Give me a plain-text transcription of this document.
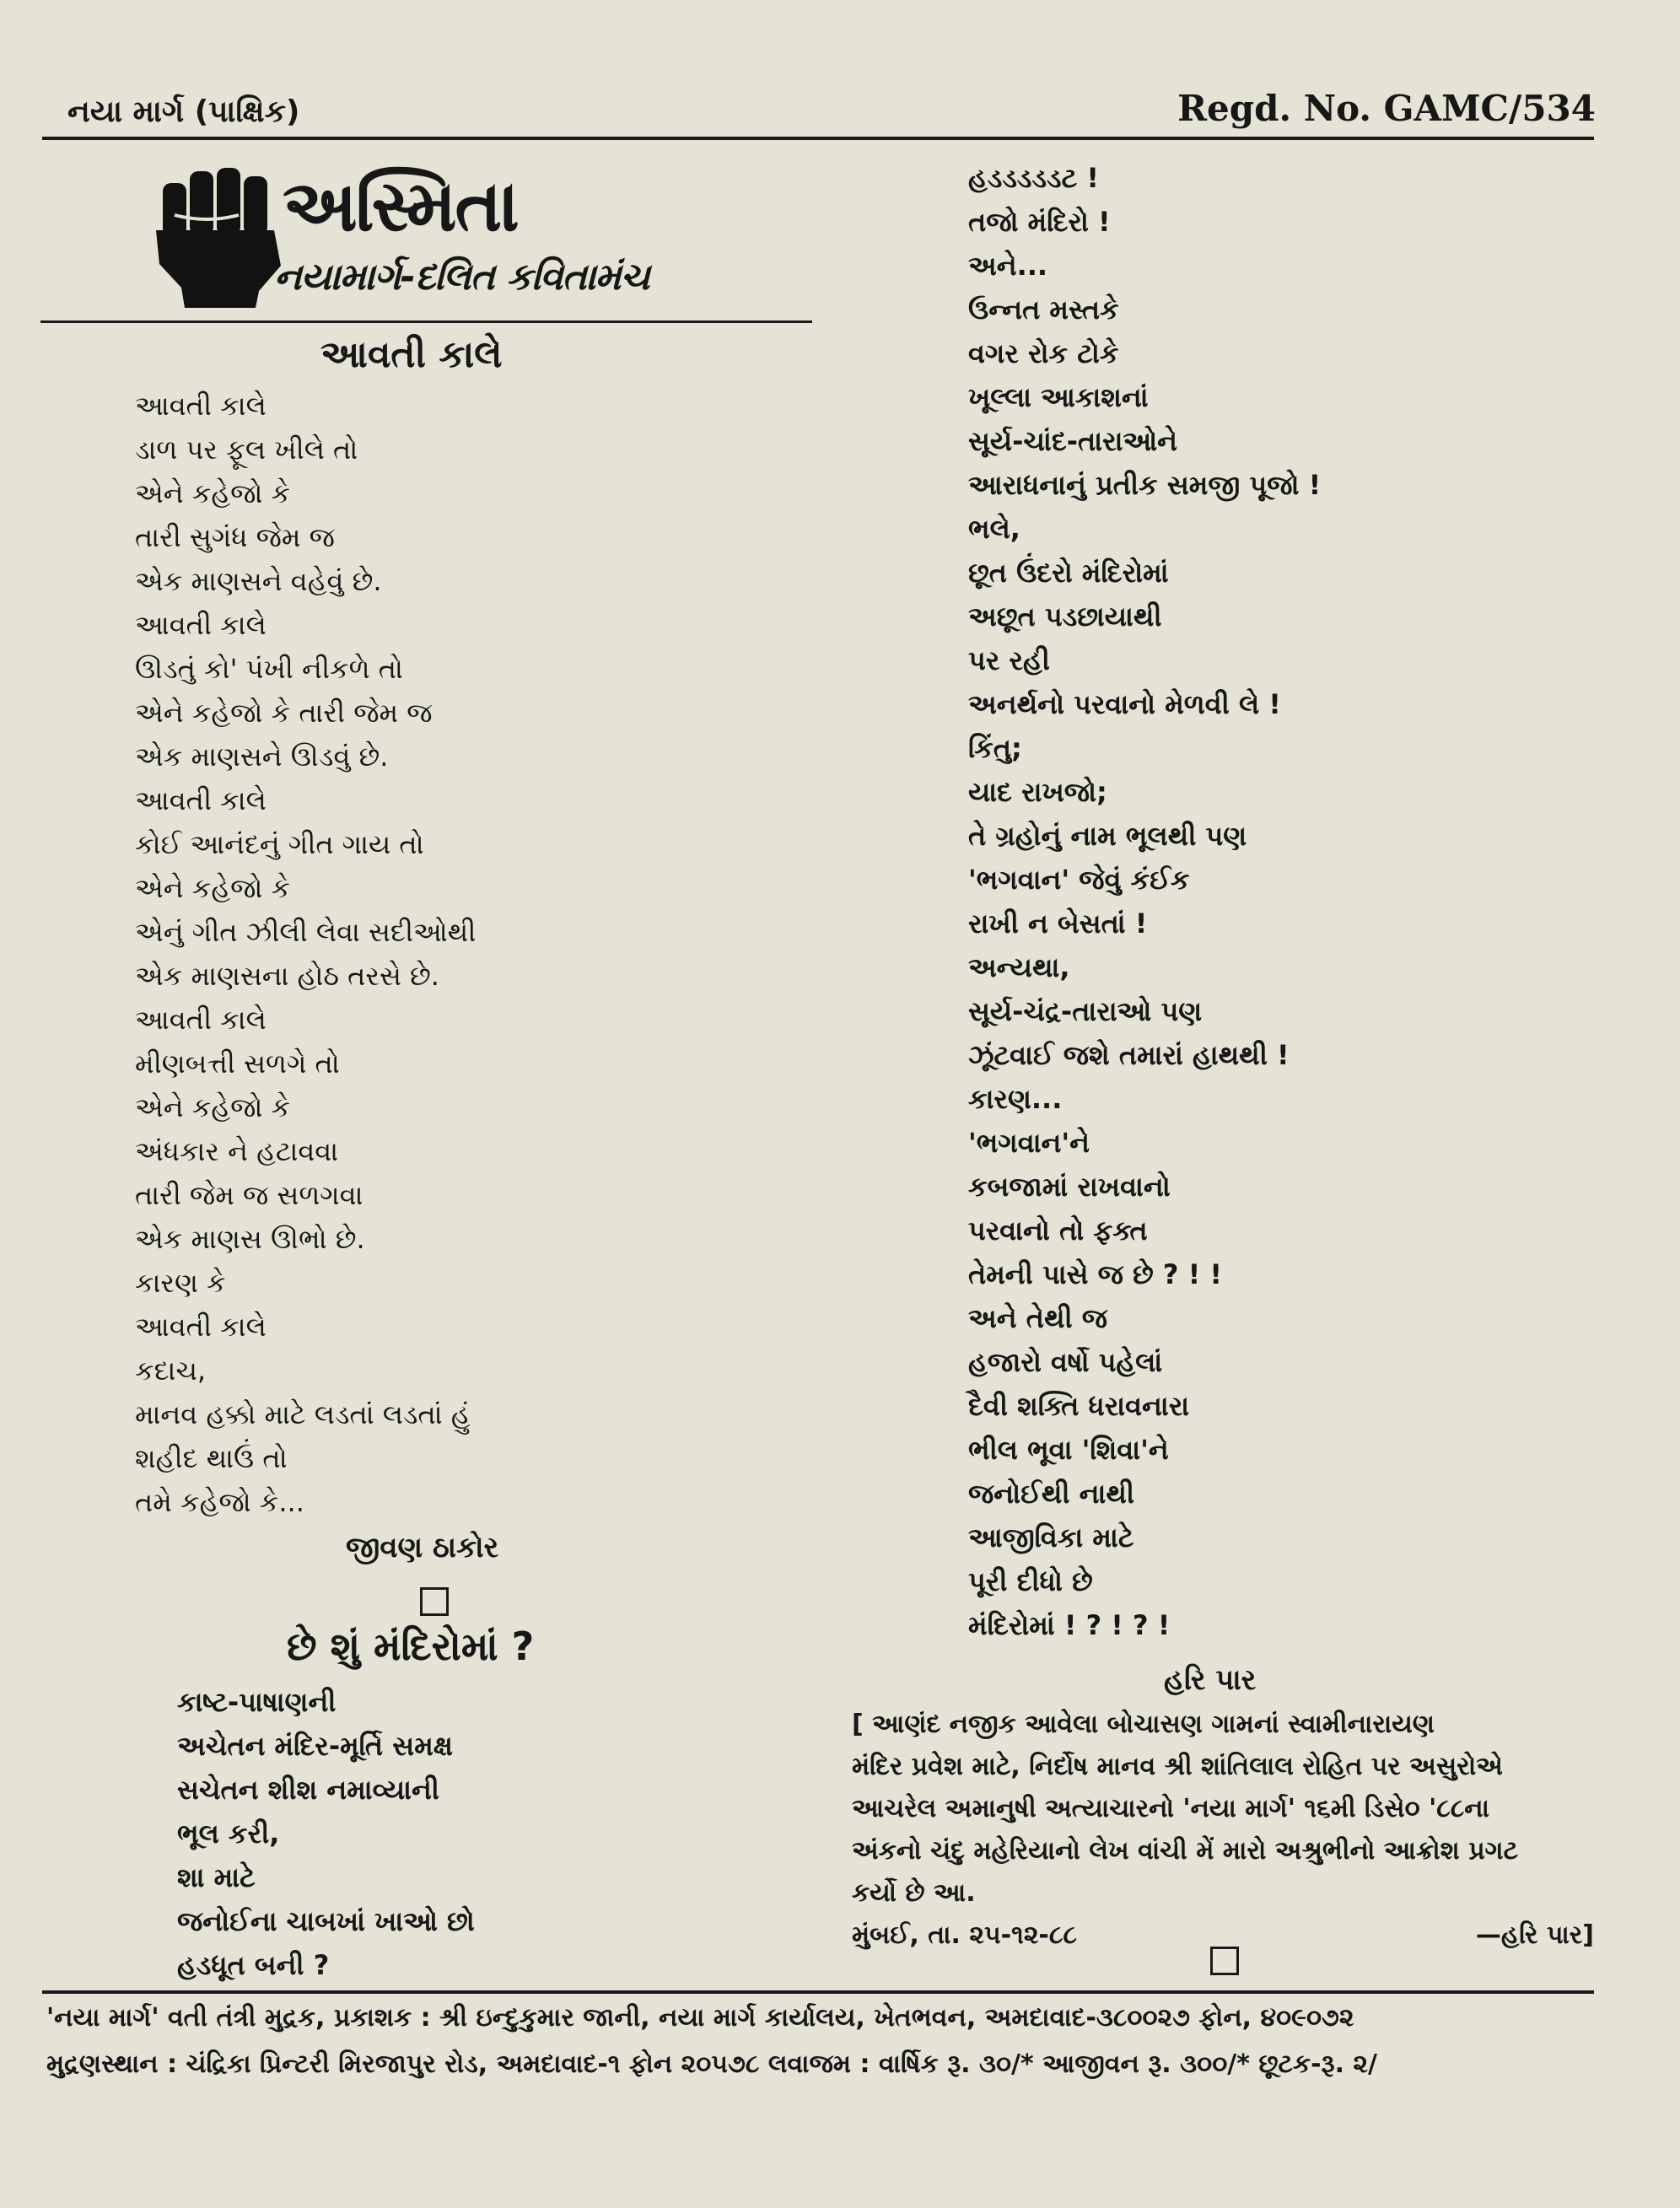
નયા માર્ગ (પાક્ષિક)	Regd. No. GAMC/534
અસ્મિતા
નયામાર્ગ-દલિત કવિતામંચ
આવતી કાલે
આવતી કાલે
ડાળ પર ફૂલ ખીલે તો
એને કહેજો કે
તારી સુગંધ જેમ જ
એક માણસને વહેવું છે.
આવતી કાલે
ઊડતું કો' પંખી નીકળે તો
એને કહેજો કે તારી જેમ જ
એક માણસને ઊડવું છે.
આવતી કાલે
કોઈ આનંદનું ગીત ગાય તો
એને કહેજો કે
એનું ગીત ઝીલી લેવા સદીઓથી
એક માણસના હોઠ તરસે છે.
આવતી કાલે
મીણબત્તી સળગે તો
એને કહેજો કે
અંધકાર ને હટાવવા
તારી જેમ જ સળગવા
એક માણસ ઊભો છે.
કારણ કે
આવતી કાલે
કદાચ,
માનવ હક્કો માટે લડતાં લડતાં હું
શહીદ થાઉં તો
તમે કહેજો કે...
જીવણ ઠાકોર
છે શું મંદિરોમાં ?
કાષ્ટ-પાષાણની
અચેતન મંદિર-મૂર્તિ સમક્ષ
સચેતન શીશ નમાવ્યાની
ભૂલ કરી,
શા માટે
જનોઈના ચાબખાં ખાઓ છો
હડધૂત બની ?
હડડડડડટ !
તજો મંદિરો !
અને...
ઉન્નત મસ્તકે
વગર રોક ટોકે
ખૂલ્લા આકાશનાં
સૂર્ય-ચાંદ-તારાઓને
આરાધનાનું પ્રતીક સમજી પૂજો !
ભલે,
છૂત ઉંદરો મંદિરોમાં
અછૂત પડછાયાથી
પર રહી
અનર્થનો પરવાનો મેળવી લે !
કિંતુ;
યાદ રાખજો;
તે ગ્રહોનું નામ ભૂલથી પણ
'ભગવાન' જેવું કંઈક
રાખી ન બેસતાં !
અન્યથા,
સૂર્ય-ચંદ્ર-તારાઓ પણ
ઝૂંટવાઈ જશે તમારાં હાથથી !
કારણ...
'ભગવાન'ને
કબજામાં રાખવાનો
પરવાનો તો ફક્ત
તેમની પાસે જ છે ? ! !
અને તેથી જ
હજારો વર્ષો પહેલાં
દૈવી શક્તિ ધરાવનારા
ભીલ ભૂવા 'શિવા'ને
જનોઈથી નાથી
આજીવિકા માટે
પૂરી દીધો છે
મંદિરોમાં ! ? ! ? !
હરિ પાર
[ આણંદ નજીક આવેલા બોચાસણ ગામનાં સ્વામીનારાયણ
મંદિર પ્રવેશ માટે, નિર્દોષ માનવ શ્રી શાંતિલાલ રોહિત પર અસુરોએ
આચરેલ અમાનુષી અત્યાચારનો 'નયા માર્ગ' ૧૬મી ડિસે૦ '૮૮ના
અંકનો ચંદુ મહેરિયાનો લેખ વાંચી મેં મારો અશ્રુભીનો આક્રોશ પ્રગટ
કર્યો છે આ.
મુંબઈ, તા. ૨૫-૧૨-૮૮	—હરિ પાર]
'નયા માર્ગ' વતી તંત્રી મુદ્રક, પ્રકાશક : શ્રી ઇન્દુકુમાર જાની, નયા માર્ગ કાર્યાલય, ખેતભવન, અમદાવાદ-૩૮૦૦૨૭ ફોન, ૪૦૯૦૭૨
મુદ્રણસ્થાન : ચંદ્રિકા પ્રિન્ટરી મિરજાપુર રોડ, અમદાવાદ-૧ ફોન ૨૦૫૭૮ લવાજમ : વાર્ષિક રૂ. ૩૦/* આજીવન રૂ. ૩૦૦/* છૂટક-રૂ. ૨/
